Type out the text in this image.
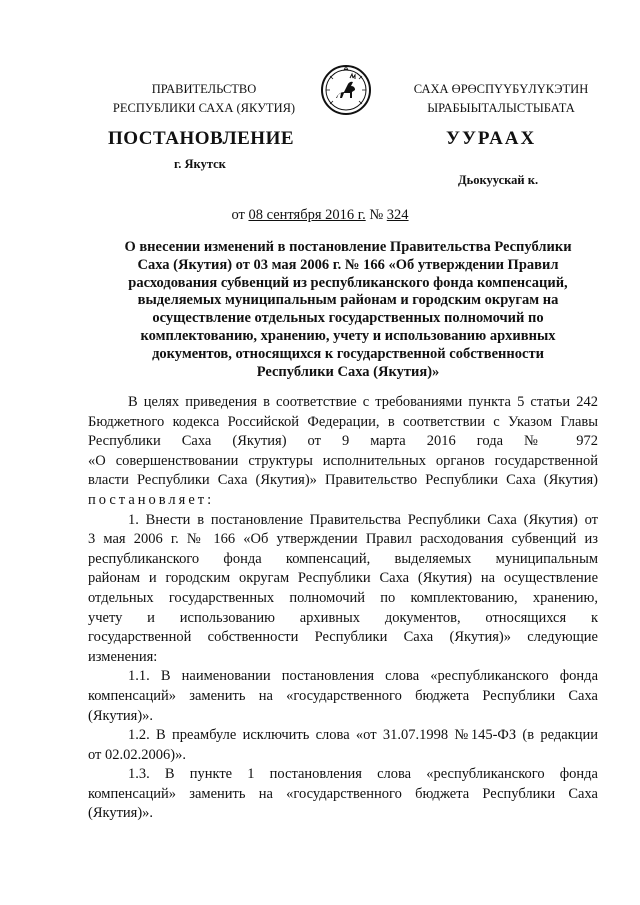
ПРАВИТЕЛЬСТВО
РЕСПУБЛИКИ САХА (ЯКУТИЯ)
САХА ӨРӨСПҮҮБҮЛҮКЭТИН
ЫРАБЫЫТАЛЫСТЫБАТА
ПОСТАНОВЛЕНИЕ	УУРААХ
г. Якутск
Дьокуускай к.
от 08 сентября 2016 г. № 324
О внесении изменений в постановление Правительства Республики
Саха (Якутия) от 03 мая 2006 г. № 166 «Об утверждении Правил
расходования субвенций из республиканского фонда компенсаций,
выделяемых муниципальным районам и городским округам на
осуществление отдельных государственных полномочий по
комплектованию, хранению, учету и использованию архивных
документов, относящихся к государственной собственности
Республики Саха (Якутия)»

В целях приведения в соответствие с требованиями пункта 5 статьи 242

Бюджетного кодекса Российской Федерации, в соответствии с Указом Главы

Республики Саха (Якутия) от 9 марта 2016 года № 972

«О совершенствовании структуры исполнительных органов государственной

власти Республики Саха (Якутия)» Правительство Республики Саха (Якутия)

постановляет:

1. Внести в постановление Правительства Республики Саха (Якутия) от

3 мая 2006 г. № 166 «Об утверждении Правил расходования субвенций из

республиканского фонда компенсаций, выделяемых муниципальным

районам и городским округам Республики Саха (Якутия) на осуществление

отдельных государственных полномочий по комплектованию, хранению,

учету и использованию архивных документов, относящихся к

государственной собственности Республики Саха (Якутия)» следующие

изменения:

1.1. В наименовании постановления слова «республиканского фонда

компенсаций» заменить на «государственного бюджета Республики Саха

(Якутия)».

1.2. В преамбуле исключить слова «от 31.07.1998 №145-ФЗ (в редакции

от 02.02.2006)».

1.3. В пункте 1 постановления слова «республиканского фонда

компенсаций» заменить на «государственного бюджета Республики Саха

(Якутия)».
